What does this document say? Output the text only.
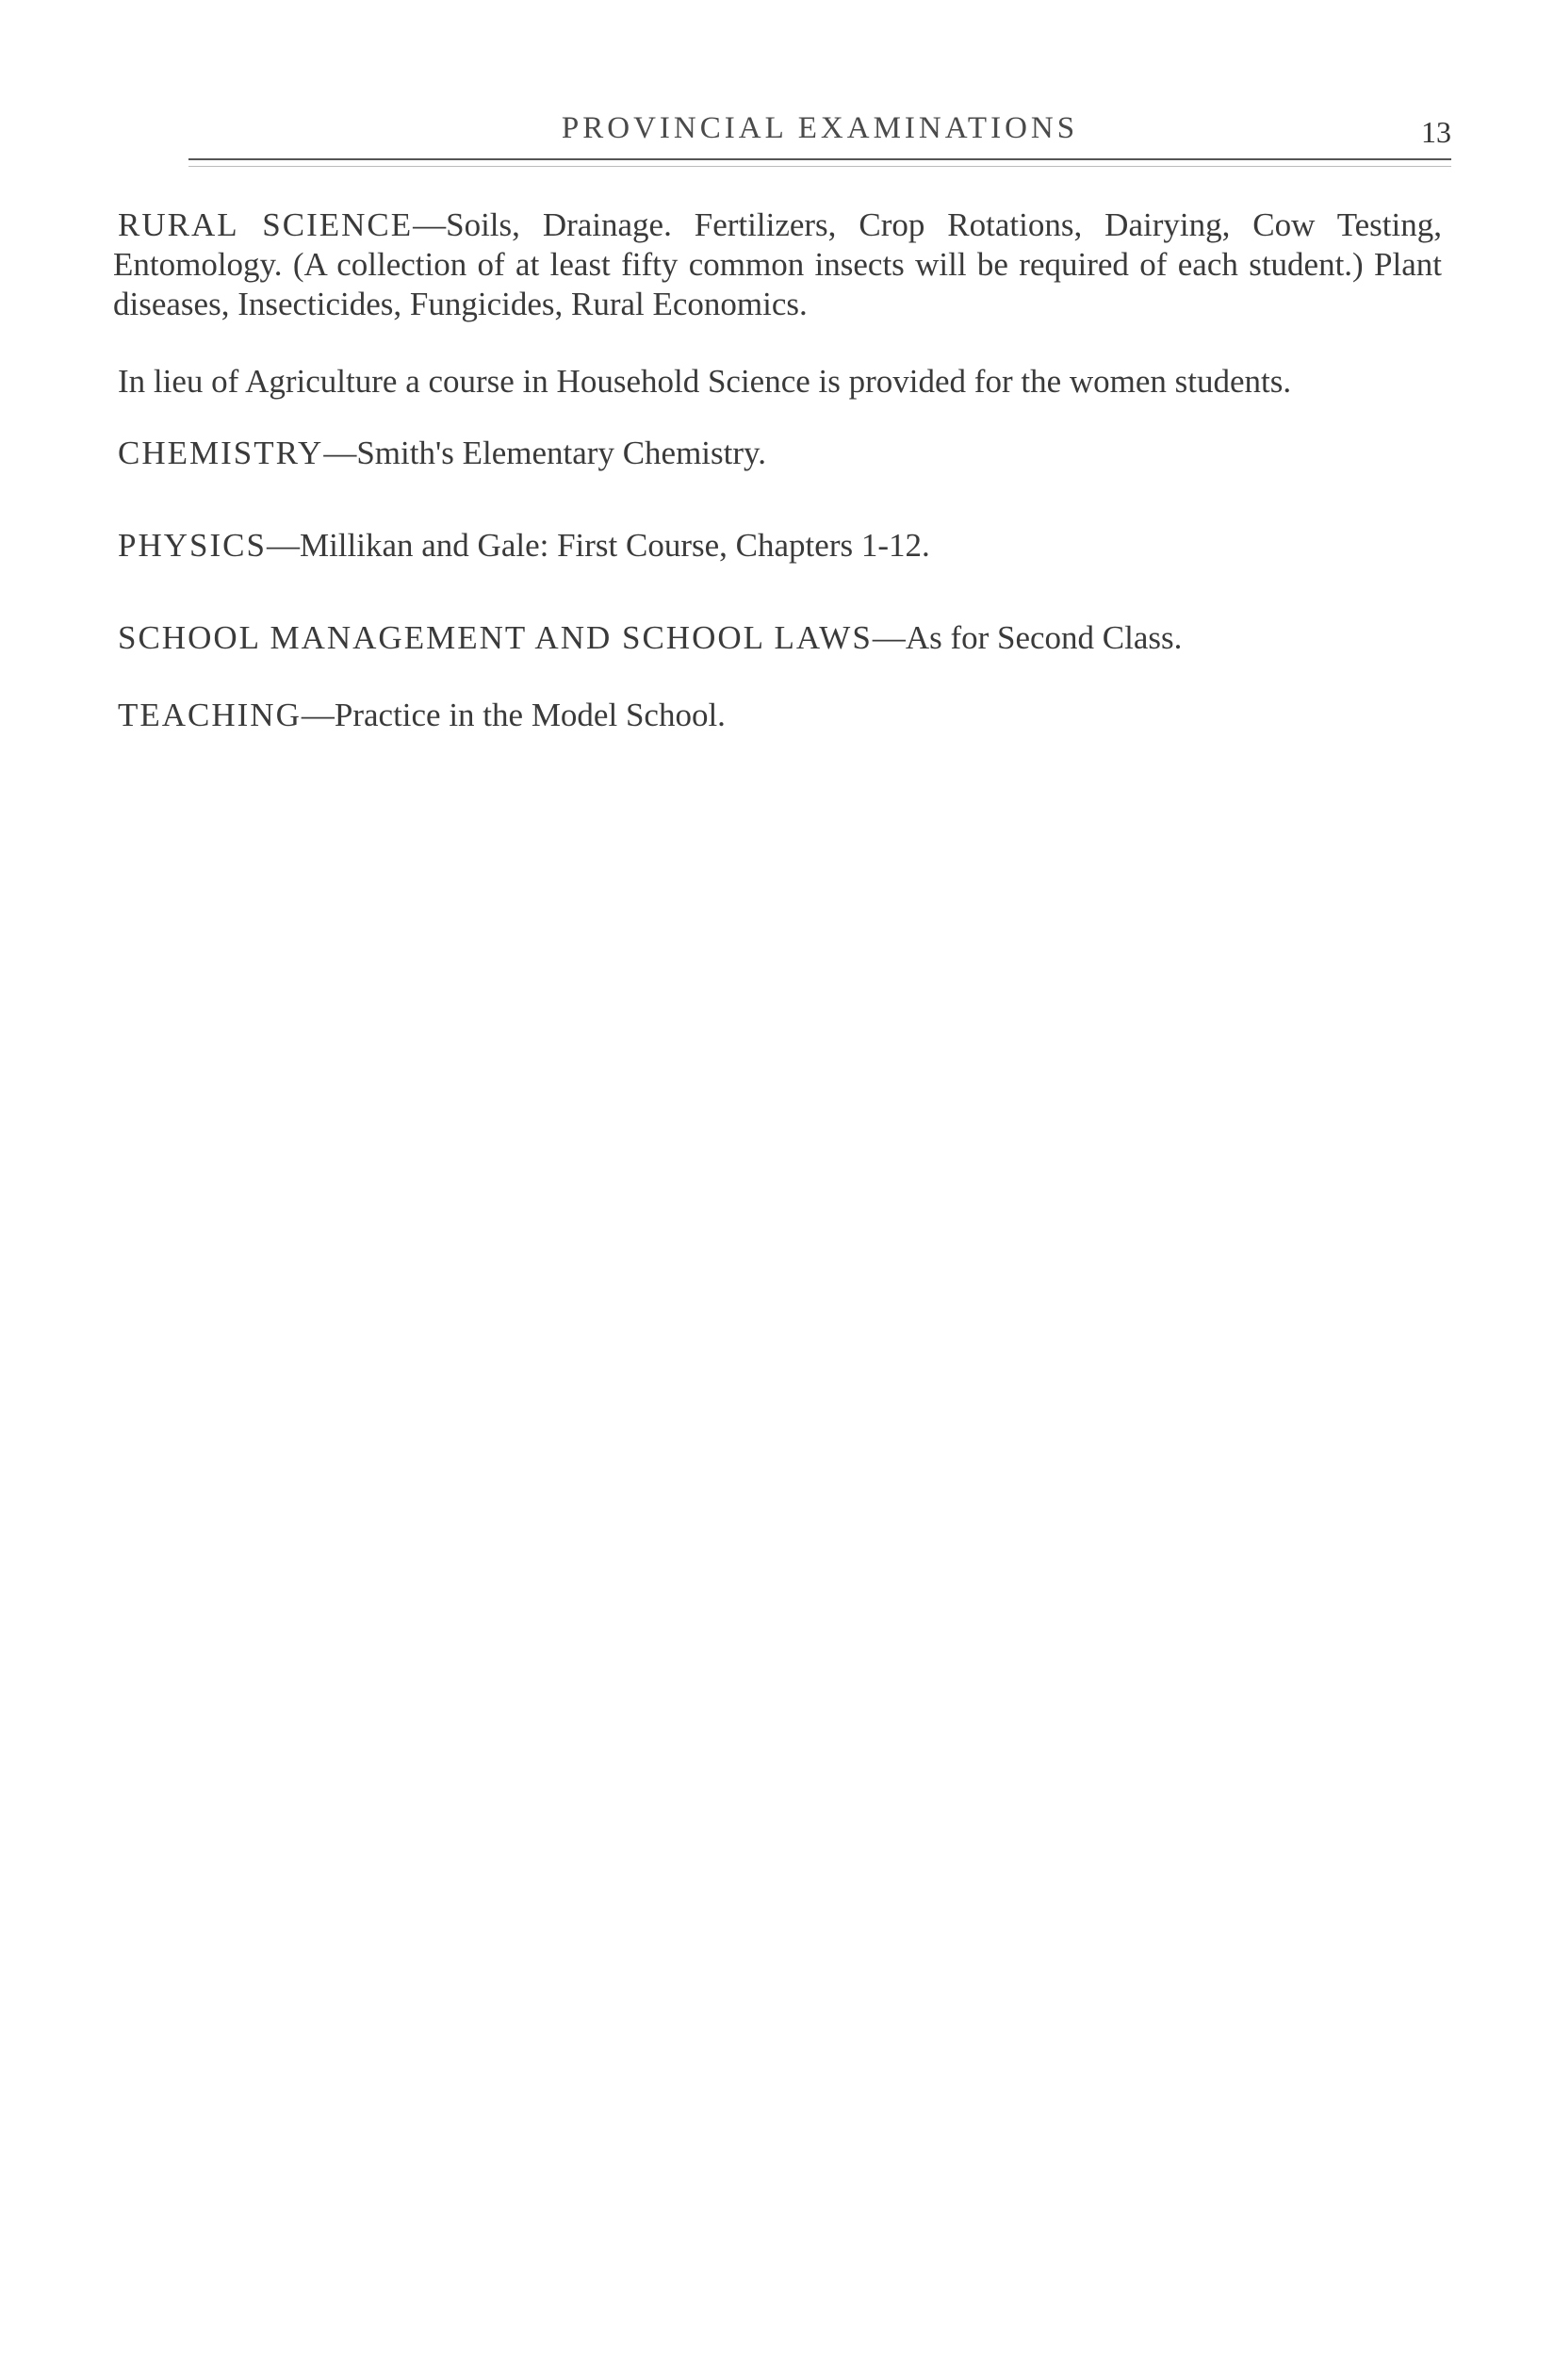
PROVINCIAL EXAMINATIONS	13

RURAL SCIENCE—Soils, Drainage. Fertilizers, Crop Rotations, Dairying, Cow Testing, Entomology. (A collection of at least fifty common insects will be required of each student.) Plant diseases, Insecticides, Fungicides, Rural Economics.

In lieu of Agriculture a course in Household Science is provided for the women students.

CHEMISTRY—Smith's Elementary Chemistry.

PHYSICS—Millikan and Gale: First Course, Chapters 1-12.

SCHOOL MANAGEMENT AND SCHOOL LAWS—As for Second Class.

TEACHING—Practice in the Model School.
